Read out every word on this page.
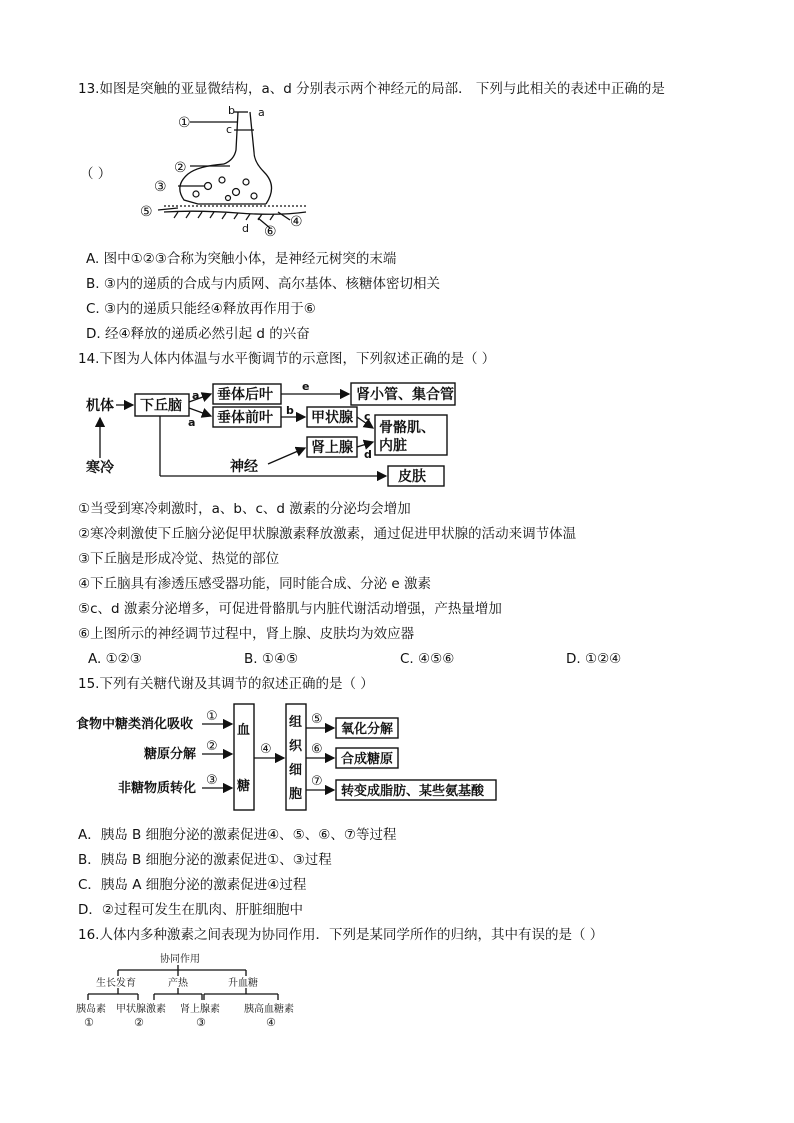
13.如图是突触的亚显微结构，a、d 分别表示两个神经元的局部． 下列与此相关的表述中正确的是
（ ）
①
b a
c
②
③
⑤
④
⑥
d
A. 图中①②③合称为突触小体，是神经元树突的末端
B. ③内的递质的合成与内质网、高尔基体、核糖体密切相关
C. ③内的递质只能经④释放再作用于⑥
D. 经④释放的递质必然引起 d 的兴奋
14.下图为人体内体温与水平衡调节的示意图，下列叙述正确的是（ ）
机体
寒冷
下丘脑
垂体后叶
垂体前叶
肾小管、集合管
甲状腺
骨骼肌、
内脏
肾上腺
神经
皮肤
a
a
b	c
d
e
①当受到寒冷刺激时，a、b、c、d 激素的分泌均会增加
②寒冷刺激使下丘脑分泌促甲状腺激素释放激素，通过促进甲状腺的活动来调节体温
③下丘脑是形成冷觉、热觉的部位
④下丘脑具有渗透压感受器功能，同时能合成、分泌 e 激素
⑤c、d 激素分泌增多，可促进骨骼肌与内脏代谢活动增强，产热量增加
⑥上图所示的神经调节过程中，肾上腺、皮肤均为效应器
A. ①②③	B. ①④⑤	C. ④⑤⑥	D. ①②④
15.下列有关糖代谢及其调节的叙述正确的是（ ）
食物中糖类消化吸收
糖原分解
非糖物质转化
①
②
③
④
⑤
⑥
⑦
血
糖
组
织
细
胞
氧化分解
合成糖原
转变成脂肪、某些氨基酸
A．胰岛 B 细胞分泌的激素促进④、⑤、⑥、⑦等过程
B．胰岛 B 细胞分泌的激素促进①、③过程
C．胰岛 A 细胞分泌的激素促进④过程
D．②过程可发生在肌肉、肝脏细胞中
16.人体内多种激素之间表现为协同作用．下列是某同学所作的归纳，其中有误的是（ ）
协同作用
生长发育	产热	升血糖
胰岛素 甲状腺激素 肾上腺素 胰高血糖素
①	②	③	④
